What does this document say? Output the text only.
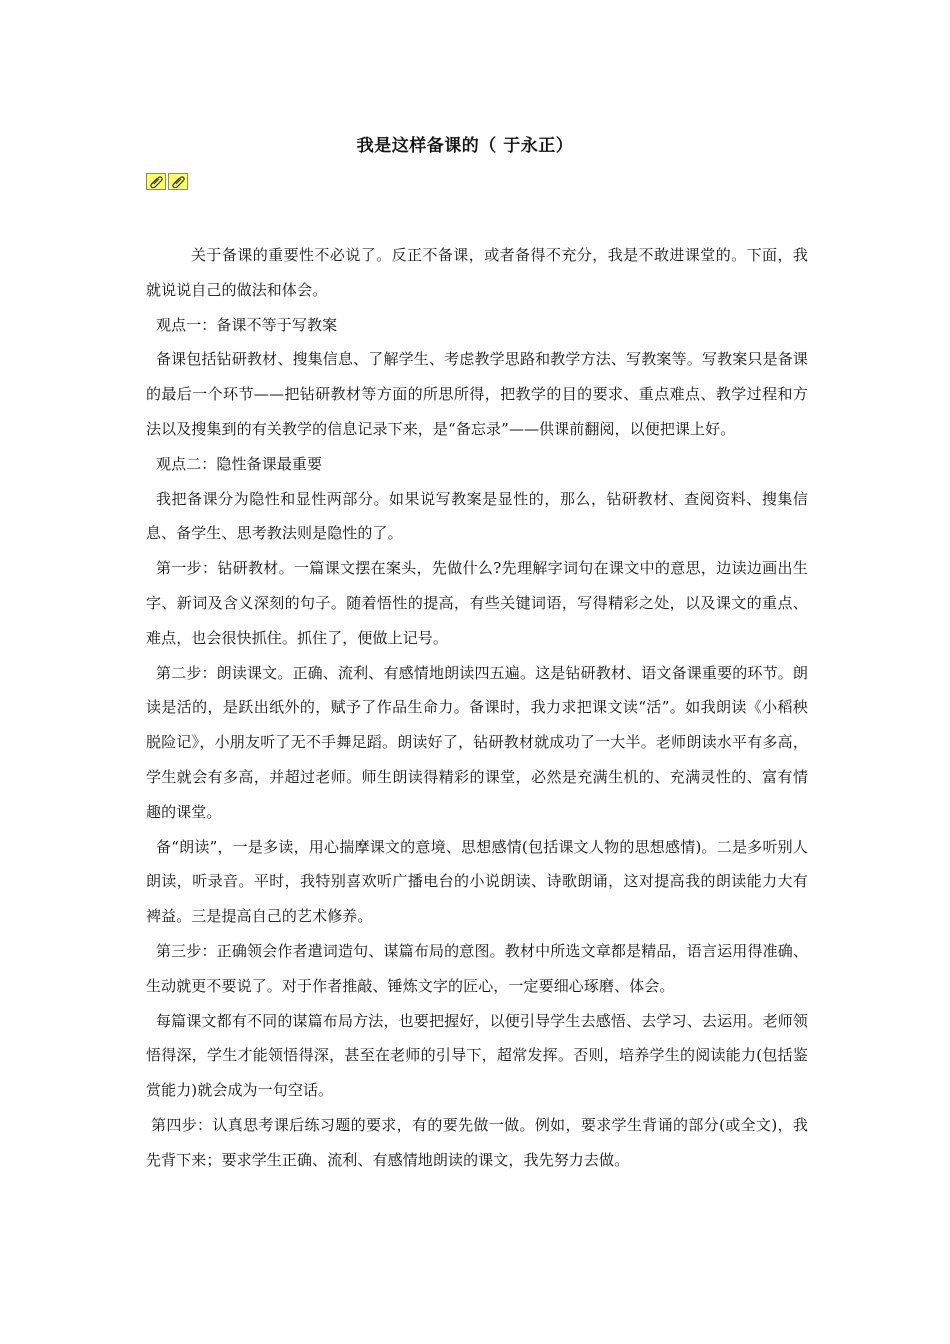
我是这样备课的（ 于永正）

关于备课的重要性不必说了。反正不备课，或者备得不充分，我是不敢进课堂的。下面，我就说说自己的做法和体会。

观点一：备课不等于写教案

备课包括钻研教材、搜集信息、了解学生、考虑教学思路和教学方法、写教案等。写教案只是备课的最后一个环节——把钻研教材等方面的所思所得，把教学的目的要求、重点难点、教学过程和方法以及搜集到的有关教学的信息记录下来，是“备忘录”——供课前翻阅，以便把课上好。

观点二：隐性备课最重要

我把备课分为隐性和显性两部分。如果说写教案是显性的，那么，钻研教材、查阅资料、搜集信息、备学生、思考教法则是隐性的了。

第一步：钻研教材。一篇课文摆在案头，先做什么?先理解字词句在课文中的意思，边读边画出生字、新词及含义深刻的句子。随着悟性的提高，有些关键词语，写得精彩之处，以及课文的重点、难点，也会很快抓住。抓住了，便做上记号。

第二步：朗读课文。正确、流利、有感情地朗读四五遍。这是钻研教材、语文备课重要的环节。朗读是活的，是跃出纸外的，赋予了作品生命力。备课时，我力求把课文读“活”。如我朗读《小稻秧脱险记》，小朋友听了无不手舞足蹈。朗读好了，钻研教材就成功了一大半。老师朗读水平有多高，学生就会有多高，并超过老师。师生朗读得精彩的课堂，必然是充满生机的、充满灵性的、富有情趣的课堂。

备“朗读”，一是多读，用心揣摩课文的意境、思想感情(包括课文人物的思想感情)。二是多听别人朗读，听录音。平时，我特别喜欢听广播电台的小说朗读、诗歌朗诵，这对提高我的朗读能力大有裨益。三是提高自己的艺术修养。

第三步：正确领会作者遣词造句、谋篇布局的意图。教材中所选文章都是精品，语言运用得准确、生动就更不要说了。对于作者推敲、锤炼文字的匠心，一定要细心琢磨、体会。

每篇课文都有不同的谋篇布局方法，也要把握好，以便引导学生去感悟、去学习、去运用。老师领悟得深，学生才能领悟得深，甚至在老师的引导下，超常发挥。否则，培养学生的阅读能力(包括鉴赏能力)就会成为一句空话。

第四步：认真思考课后练习题的要求，有的要先做一做。例如，要求学生背诵的部分(或全文)，我先背下来；要求学生正确、流利、有感情地朗读的课文，我先努力去做。
